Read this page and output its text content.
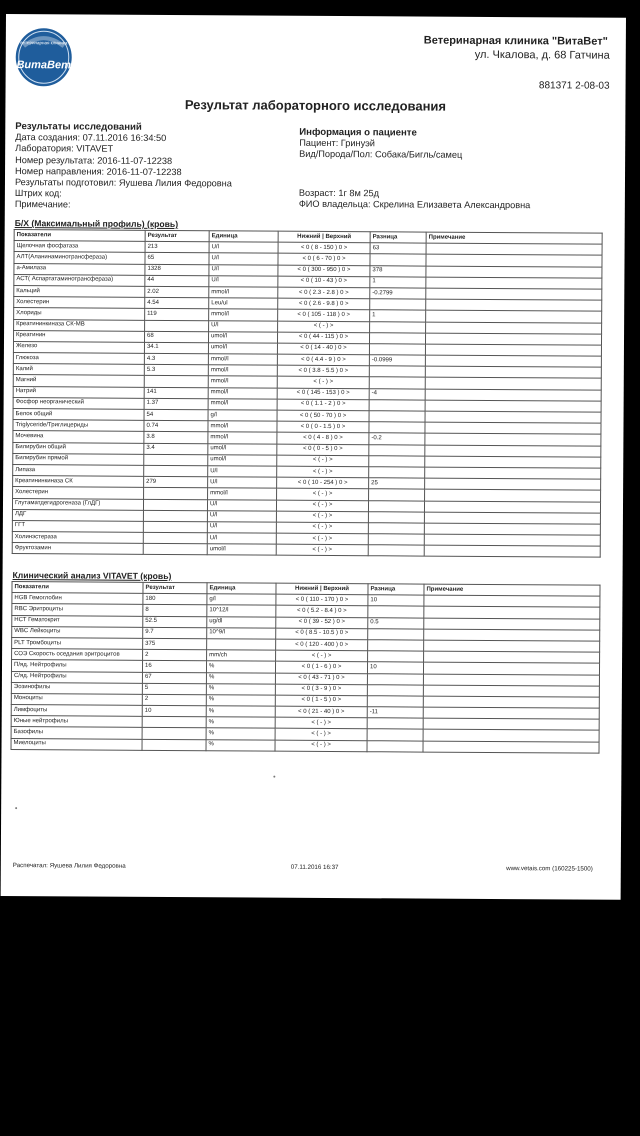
ветеринарная клиника
ВитаВет
Ветеринарная клиника "ВитаВет"
ул. Чкалова, д. 68 Гатчина
881371 2-08-03
Результат лабораторного исследования
Результаты исследований
Дата создания: 07.11.2016 16:34:50
Лаборатория: VITAVET
Номер результата: 2016-11-07-12238
Номер направления: 2016-11-07-12238
Результаты подготовил: Яушева Лилия Федоровна
Штрих код:
Примечание:
Информация о пациенте
Пациент: Гринуэй
Вид/Порода/Пол: Собака/Бигль/самец
Возраст: 1г 8м 25д
ФИО владельца: Скрелина Елизавета Александровна
Б/Х (Максимальный профиль) (кровь)
Показатели	Результат	Единица	Нижний | Верхний	Разница	Примечание
Щелочная фосфатаза	213	U/l	< 0 ( 8 - 150 ) 0 >	63	
АЛТ(Аланинаминотрансфераза)	65	U/l	< 0 ( 6 - 70 ) 0 >		
а-Амилаза	1328	U/l	< 0 ( 300 - 950 ) 0 >	378	
АСТ( Аспартатаминотрансфераза)	44	U/l	< 0 ( 10 - 43 ) 0 >	1	
Кальций	2.02	mmol/l	< 0 ( 2.3 - 2.8 ) 0 >	-0.2799	
Холестерин	4.54	Leu/ul	< 0 ( 2.6 - 9.8 ) 0 >		
Хлориды	119	mmol/l	< 0 ( 105 - 118 ) 0 >	1	
Креатининкиназа СК-МВ		U/l	< ( - ) >		
Креатинин	68	umol/l	< 0 ( 44 - 115 ) 0 >		
Железо	34.1	umol/l	< 0 ( 14 - 40 ) 0 >		
Глюкоза	4.3	mmol/l	< 0 ( 4.4 - 9 ) 0 >	-0.0999	
Калий	5.3	mmol/l	< 0 ( 3.8 - 5.5 ) 0 >		
Магний		mmol/l	< ( - ) >		
Натрий	141	mmol/l	< 0 ( 145 - 153 ) 0 >	-4	
Фосфор неорганический	1.37	mmol/l	< 0 ( 1.1 - 2 ) 0 >		
Белок общий	54	g/l	< 0 ( 50 - 70 ) 0 >		
Triglyceride/Триглицериды	0.74	mmol/l	< 0 ( 0 - 1.5 ) 0 >		
Мочевина	3.8	mmol/l	< 0 ( 4 - 8 ) 0 >	-0.2	
Билирубин общий	3.4	umol/l	< 0 ( 0 - 5 ) 0 >		
Билирубин прямой		umol/l	< ( - ) >		
Липаза		U/l	< ( - ) >		
Креатининкиназа СК	279	U/l	< 0 ( 10 - 254 ) 0 >	25	
Холестерин		mmol/l	< ( - ) >		
Глутаматдегидрогеназа (ГлДГ)		U/l	< ( - ) >		
ЛДГ		U/l	< ( - ) >		
ГГТ		U/l	< ( - ) >		
Холинэстераза		U/l	< ( - ) >		
Фруктозамин		umol/l	< ( - ) >		
Клинический анализ VITAVET (кровь)
Показатели	Результат	Единица	Нижний | Верхний	Разница	Примечание
HGB Гемоглобин	180	g/l	< 0 ( 110 - 170 ) 0 >	10	
RBC Эритроциты	8	10^12/l	< 0 ( 5.2 - 8.4 ) 0 >		
НСТ Гематокрит	52.5	ug/dl	< 0 ( 39 - 52 ) 0 >	0.5	
WBC Лейкоциты	9.7	10^9/l	< 0 ( 8.5 - 10.5 ) 0 >		
PLT Тромбоциты	375		< 0 ( 120 - 400 ) 0 >		
СОЭ Скорость оседания эритроцитов	2	mm/ch	< ( - ) >		
П/яд. Нейтрофилы	16	%	< 0 ( 1 - 6 ) 0 >	10	
С/яд. Нейтрофилы	67	%	< 0 ( 43 - 71 ) 0 >		
Эозинофилы	5	%	< 0 ( 3 - 9 ) 0 >		
Моноциты	2	%	< 0 ( 1 - 5 ) 0 >		
Лимфоциты	10	%	< 0 ( 21 - 40 ) 0 >	-11	
Юные нейтрофилы		%	< ( - ) >		
Базофилы		%	< ( - ) >		
Миелоциты		%	< ( - ) >		
Распечатал: Яушева Лилия Федоровна	07.11.2016 16:37	www.vetais.com (160225-1500)
